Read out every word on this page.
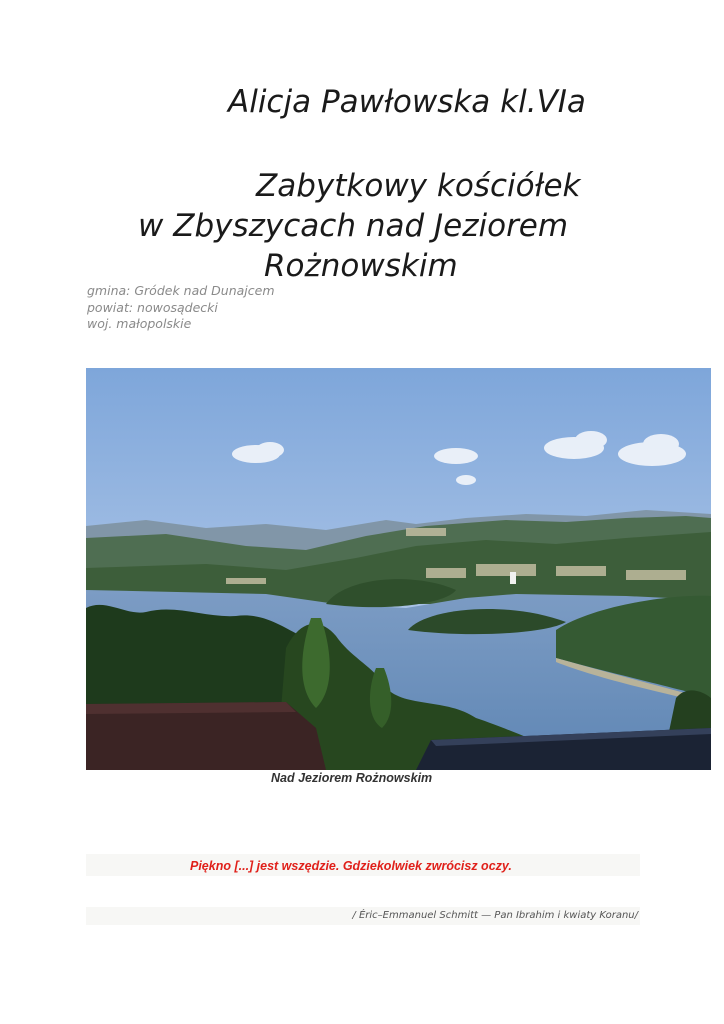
Alicja Pawłowska kl.VIa
Zabytkowy kościółek
w Zbyszycach nad Jeziorem
Rożnowskim
gmina: Gródek nad Dunajcem
powiat: nowosądecki
woj. małopolskie
Nad Jeziorem Rożnowskim
Piękno [...] jest wszędzie. Gdziekolwiek zwrócisz oczy.
/ Éric–Emmanuel Schmitt — Pan Ibrahim i kwiaty Koranu/
